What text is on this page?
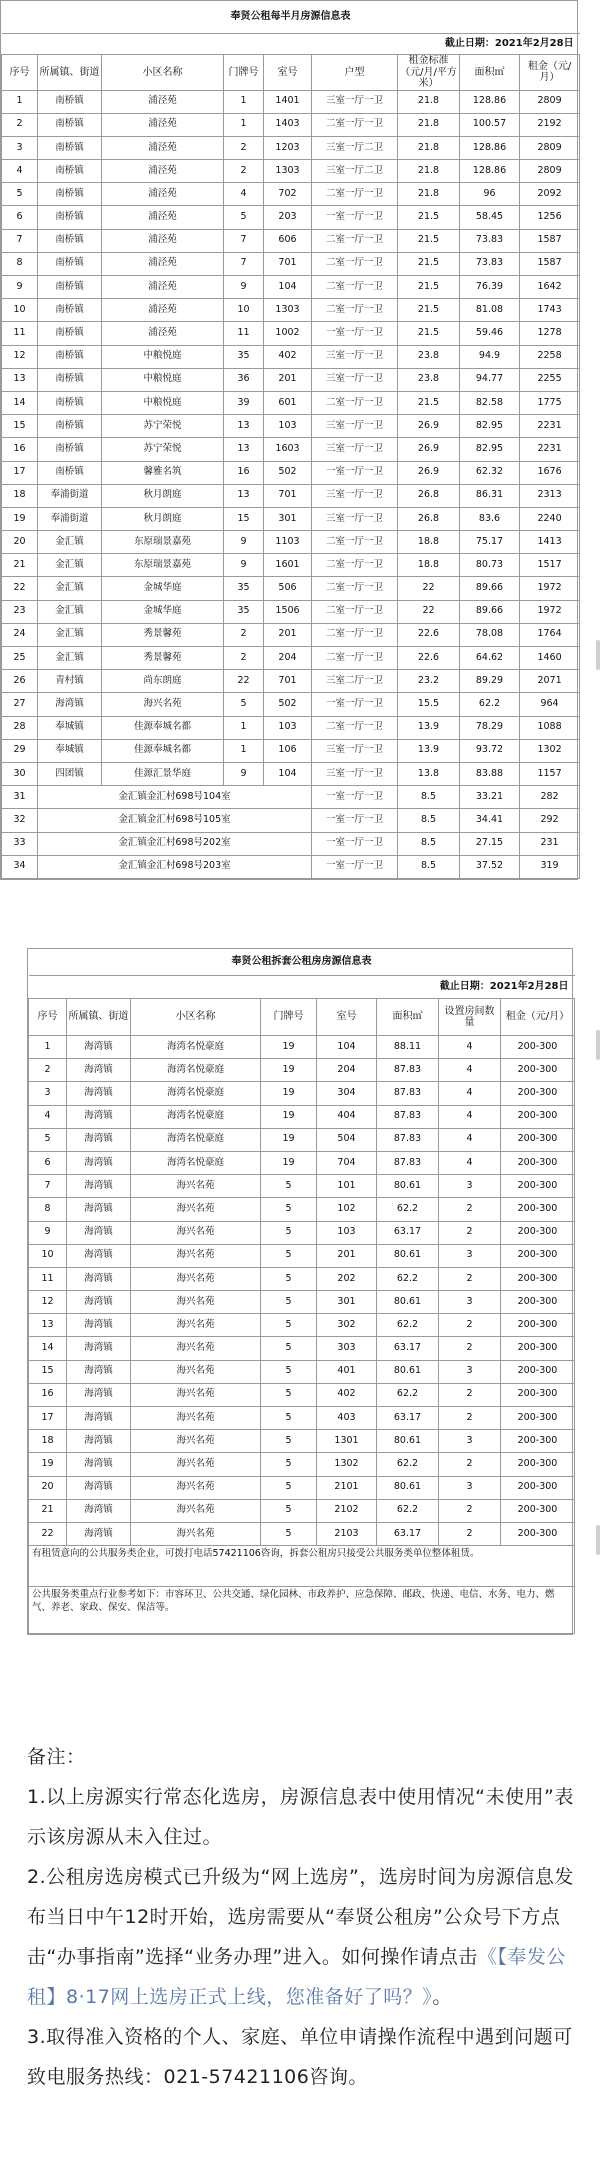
奉贤公租每半月房源信息表								
截止日期：2021年2月28日								
序号	所属镇、街道	小区名称	门牌号	室号	户型	租金标准（元/月/平方米）	面积㎡	租金（元/月）
1	南桥镇	浦泾苑	1	1401	三室一厅一卫	21.8	128.86	2809
2	南桥镇	浦泾苑	1	1403	二室一厅一卫	21.8	100.57	2192
3	南桥镇	浦泾苑	2	1203	三室一厅二卫	21.8	128.86	2809
4	南桥镇	浦泾苑	2	1303	三室一厅二卫	21.8	128.86	2809
5	南桥镇	浦泾苑	4	702	二室一厅一卫	21.8	96	2092
6	南桥镇	浦泾苑	5	203	一室一厅一卫	21.5	58.45	1256
7	南桥镇	浦泾苑	7	606	二室一厅一卫	21.5	73.83	1587
8	南桥镇	浦泾苑	7	701	二室一厅一卫	21.5	73.83	1587
9	南桥镇	浦泾苑	9	104	二室一厅一卫	21.5	76.39	1642
10	南桥镇	浦泾苑	10	1303	二室一厅一卫	21.5	81.08	1743
11	南桥镇	浦泾苑	11	1002	一室一厅一卫	21.5	59.46	1278
12	南桥镇	中粮悦庭	35	402	三室一厅一卫	23.8	94.9	2258
13	南桥镇	中粮悦庭	36	201	三室一厅一卫	23.8	94.77	2255
14	南桥镇	中粮悦庭	39	601	二室一厅一卫	21.5	82.58	1775
15	南桥镇	苏宁荣悦	13	103	三室一厅一卫	26.9	82.95	2231
16	南桥镇	苏宁荣悦	13	1603	三室一厅一卫	26.9	82.95	2231
17	南桥镇	馨雅名筑	16	502	一室一厅一卫	26.9	62.32	1676
18	奉浦街道	秋月朗庭	13	701	三室一厅一卫	26.8	86.31	2313
19	奉浦街道	秋月朗庭	15	301	三室一厅一卫	26.8	83.6	2240
20	金汇镇	东原瑞景嘉苑	9	1103	二室一厅一卫	18.8	75.17	1413
21	金汇镇	东原瑞景嘉苑	9	1601	二室一厅一卫	18.8	80.73	1517
22	金汇镇	金城华庭	35	506	二室一厅一卫	22	89.66	1972
23	金汇镇	金城华庭	35	1506	二室一厅一卫	22	89.66	1972
24	金汇镇	秀景馨苑	2	201	二室一厅一卫	22.6	78.08	1764
25	金汇镇	秀景馨苑	2	204	二室一厅一卫	22.6	64.62	1460
26	青村镇	尚东朗庭	22	701	三室二厅一卫	23.2	89.29	2071
27	海湾镇	海兴名苑	5	502	一室一厅一卫	15.5	62.2	964
28	奉城镇	佳源奉城名都	1	103	二室一厅一卫	13.9	78.29	1088
29	奉城镇	佳源奉城名都	1	106	三室一厅一卫	13.9	93.72	1302
30	四团镇	佳源汇景华庭	9	104	三室一厅一卫	13.8	83.88	1157
31	金汇镇金汇村698号104室				一室一厅一卫	8.5	33.21	282
32	金汇镇金汇村698号105室				一室一厅一卫	8.5	34.41	292
33	金汇镇金汇村698号202室				一室一厅一卫	8.5	27.15	231
34	金汇镇金汇村698号203室				一室一厅一卫	8.5	37.52	319
奉贤公租拆套公租房房源信息表							
截止日期：2021年2月28日							
序号	所属镇、街道	小区名称	门牌号	室号	面积㎡	设置房间数量	租金（元/月）
1	海湾镇	海湾名悦豪庭	19	104	88.11	4	200-300
2	海湾镇	海湾名悦豪庭	19	204	87.83	4	200-300
3	海湾镇	海湾名悦豪庭	19	304	87.83	4	200-300
4	海湾镇	海湾名悦豪庭	19	404	87.83	4	200-300
5	海湾镇	海湾名悦豪庭	19	504	87.83	4	200-300
6	海湾镇	海湾名悦豪庭	19	704	87.83	4	200-300
7	海湾镇	海兴名苑	5	101	80.61	3	200-300
8	海湾镇	海兴名苑	5	102	62.2	2	200-300
9	海湾镇	海兴名苑	5	103	63.17	2	200-300
10	海湾镇	海兴名苑	5	201	80.61	3	200-300
11	海湾镇	海兴名苑	5	202	62.2	2	200-300
12	海湾镇	海兴名苑	5	301	80.61	3	200-300
13	海湾镇	海兴名苑	5	302	62.2	2	200-300
14	海湾镇	海兴名苑	5	303	63.17	2	200-300
15	海湾镇	海兴名苑	5	401	80.61	3	200-300
16	海湾镇	海兴名苑	5	402	62.2	2	200-300
17	海湾镇	海兴名苑	5	403	63.17	2	200-300
18	海湾镇	海兴名苑	5	1301	80.61	3	200-300
19	海湾镇	海兴名苑	5	1302	62.2	2	200-300
20	海湾镇	海兴名苑	5	2101	80.61	3	200-300
21	海湾镇	海兴名苑	5	2102	62.2	2	200-300
22	海湾镇	海兴名苑	5	2103	63.17	2	200-300
有租赁意向的公共服务类企业，可拨打电话57421106咨询，拆套公租房只接受公共服务类单位整体租赁。							
公共服务类重点行业参考如下：市容环卫、公共交通、绿化园林、市政养护、应急保障、邮政、快递、电信、水务、电力、燃气、养老、家政、保安、保洁等。							

备注：

1.以上房源实行常态化选房，房源信息表中使用情况“未使用”表示该房源从未入住过。

2.公租房选房模式已升级为“网上选房”，选房时间为房源信息发布当日中午12时开始，选房需要从“奉贤公租房”公众号下方点击“办事指南”选择“业务办理”进入。如何操作请点击《【奉发公租】8·17网上选房正式上线，您准备好了吗？》。

3.取得准入资格的个人、家庭、单位申请操作流程中遇到问题可致电服务热线：021-57421106咨询。
